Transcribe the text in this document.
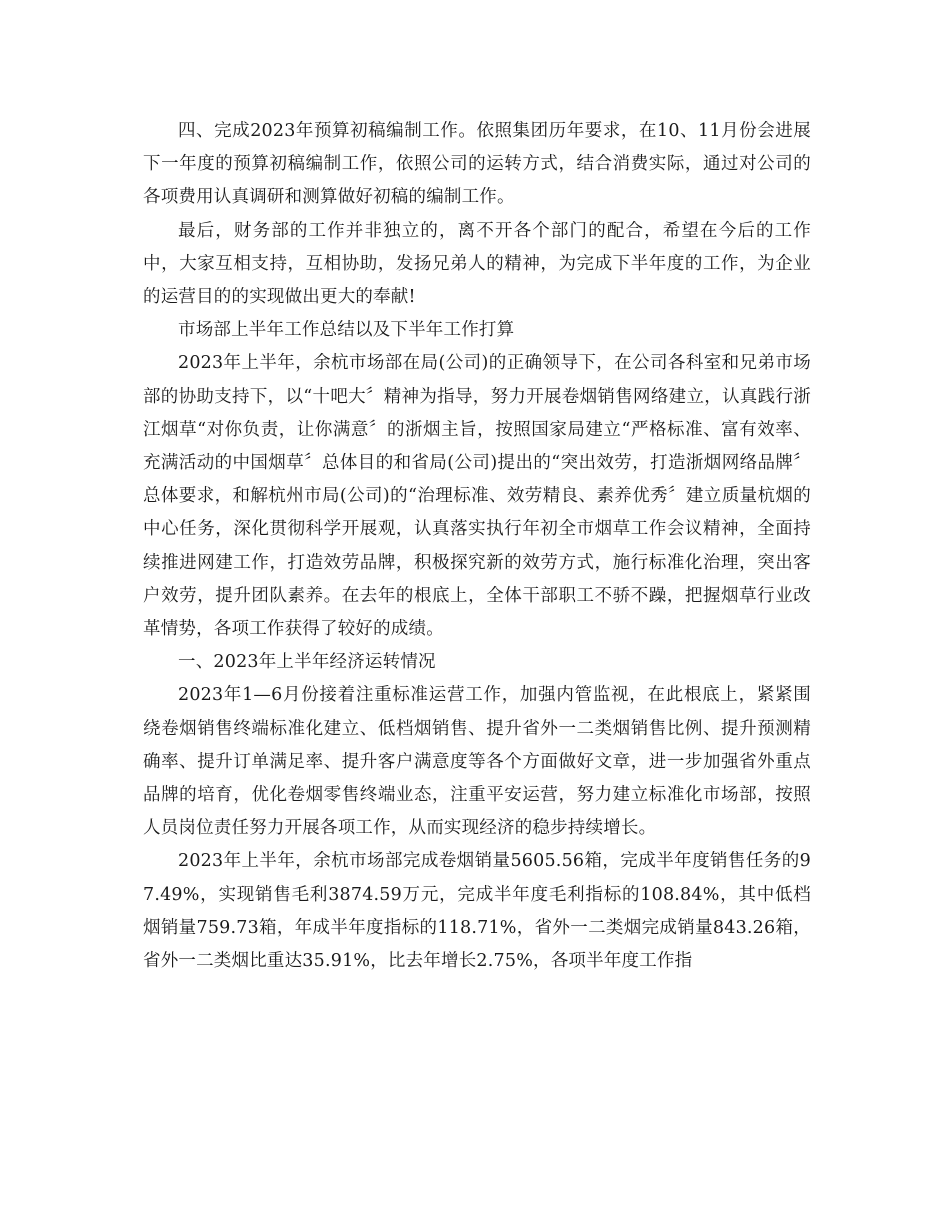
四、完成2023年预算初稿编制工作。依照集团历年要求，在10、11月份会进展下一年度的预算初稿编制工作，依照公司的运转方式，结合消费实际，通过对公司的各项费用认真调研和测算做好初稿的编制工作。

最后，财务部的工作并非独立的，离不开各个部门的配合，希望在今后的工作中，大家互相支持，互相协助，发扬兄弟人的精神，为完成下半年度的工作，为企业的运营目的的实现做出更大的奉献!

市场部上半年工作总结以及下半年工作打算

2023年上半年，余杭市场部在局(公司)的正确领导下，在公司各科室和兄弟市场部的协助支持下，以“十吧大〞精神为指导，努力开展卷烟销售网络建立，认真践行浙江烟草“对你负责，让你满意〞的浙烟主旨，按照国家局建立“严格标准、富有效率、充满活动的中国烟草〞总体目的和省局(公司)提出的“突出效劳，打造浙烟网络品牌〞总体要求，和解杭州市局(公司)的“治理标准、效劳精良、素养优秀〞建立质量杭烟的中心任务，深化贯彻科学开展观，认真落实执行年初全市烟草工作会议精神，全面持续推进网建工作，打造效劳品牌，积极探究新的效劳方式，施行标准化治理，突出客户效劳，提升团队素养。在去年的根底上，全体干部职工不骄不躁，把握烟草行业改革情势，各项工作获得了较好的成绩。

一、2023年上半年经济运转情况

2023年1—6月份接着注重标准运营工作，加强内管监视，在此根底上，紧紧围绕卷烟销售终端标准化建立、低档烟销售、提升省外一二类烟销售比例、提升预测精确率、提升订单满足率、提升客户满意度等各个方面做好文章，进一步加强省外重点品牌的培育，优化卷烟零售终端业态，注重平安运营，努力建立标准化市场部，按照人员岗位责任努力开展各项工作，从而实现经济的稳步持续增长。

2023年上半年，余杭市场部完成卷烟销量5605.56箱，完成半年度销售任务的97.49%，实现销售毛利3874.59万元，完成半年度毛利指标的108.84%，其中低档烟销量759.73箱，年成半年度指标的118.71%，省外一二类烟完成销量843.26箱，省外一二类烟比重达35.91%，比去年增长2.75%，各项半年度工作指
